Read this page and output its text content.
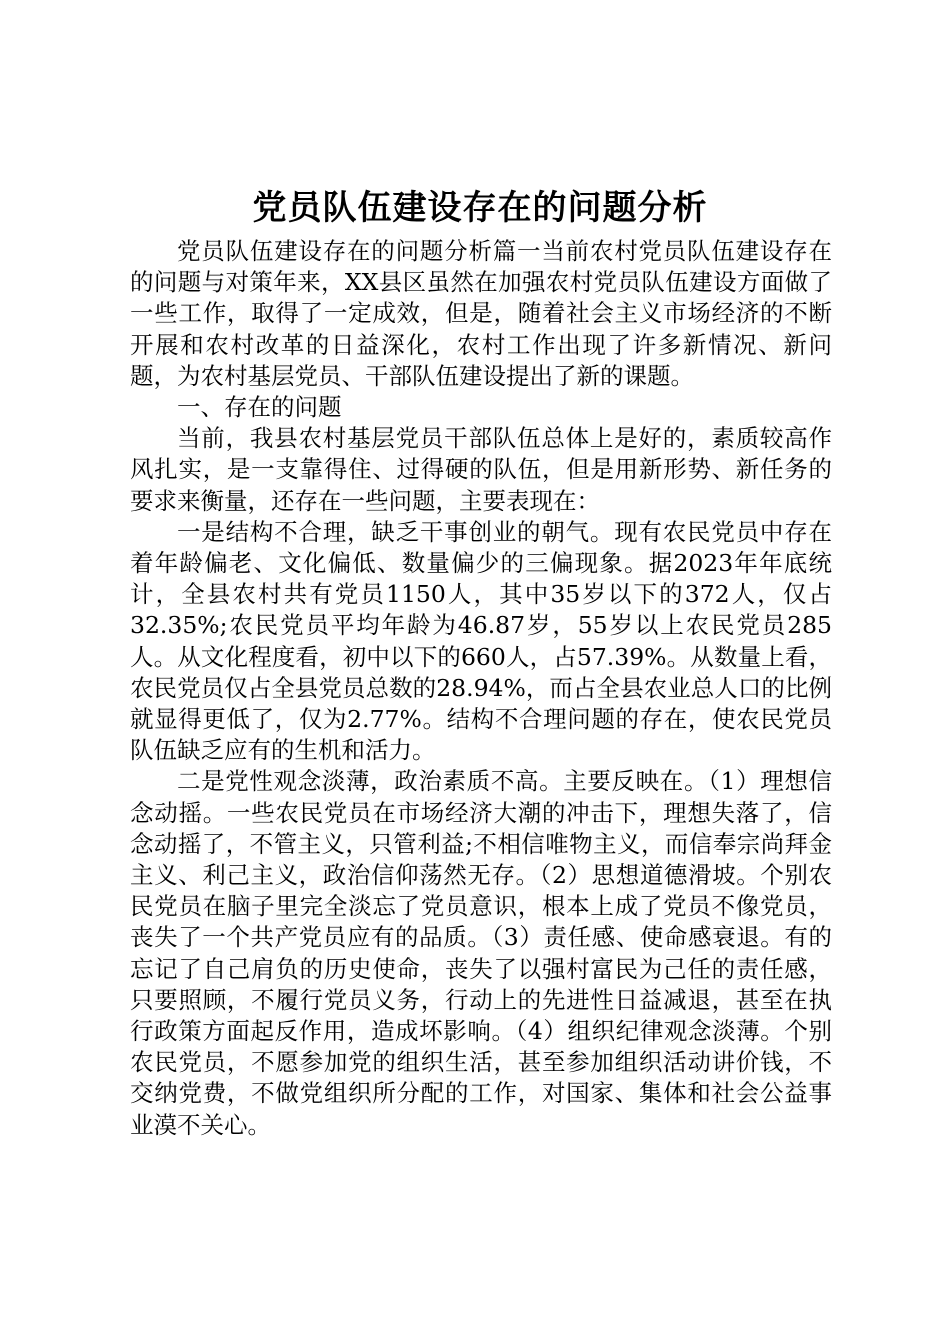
党员队伍建设存在的问题分析

党员队伍建设存在的问题分析篇一当前农村党员队伍建设存在的问题与对策年来，XX县区虽然在加强农村党员队伍建设方面做了一些工作，取得了一定成效，但是，随着社会主义市场经济的不断开展和农村改革的日益深化，农村工作出现了许多新情况、新问题，为农村基层党员、干部队伍建设提出了新的课题。

一、存在的问题

当前，我县农村基层党员干部队伍总体上是好的，素质较高作风扎实，是一支靠得住、过得硬的队伍，但是用新形势、新任务的要求来衡量，还存在一些问题，主要表现在：

一是结构不合理，缺乏干事创业的朝气。现有农民党员中存在着年龄偏老、文化偏低、数量偏少的三偏现象。据2023年年底统计，全县农村共有党员1150人，其中35岁以下的372人，仅占32.35%;农民党员平均年龄为46.87岁，55岁以上农民党员285人。从文化程度看，初中以下的660人，占57.39%。从数量上看，农民党员仅占全县党员总数的28.94%，而占全县农业总人口的比例就显得更低了，仅为2.77%。结构不合理问题的存在，使农民党员队伍缺乏应有的生机和活力。

二是党性观念淡薄，政治素质不高。主要反映在。（1）理想信念动摇。一些农民党员在市场经济大潮的冲击下，理想失落了，信念动摇了，不管主义，只管利益;不相信唯物主义，而信奉宗尚拜金主义、利己主义，政治信仰荡然无存。（2）思想道德滑坡。个别农民党员在脑子里完全淡忘了党员意识，根本上成了党员不像党员，丧失了一个共产党员应有的品质。（3）责任感、使命感衰退。有的忘记了自己肩负的历史使命，丧失了以强村富民为己任的责任感，只要照顾，不履行党员义务，行动上的先进性日益减退，甚至在执行政策方面起反作用，造成坏影响。（4）组织纪律观念淡薄。个别农民党员，不愿参加党的组织生活，甚至参加组织活动讲价钱，不交纳党费，不做党组织所分配的工作，对国家、集体和社会公益事业漠不关心。
